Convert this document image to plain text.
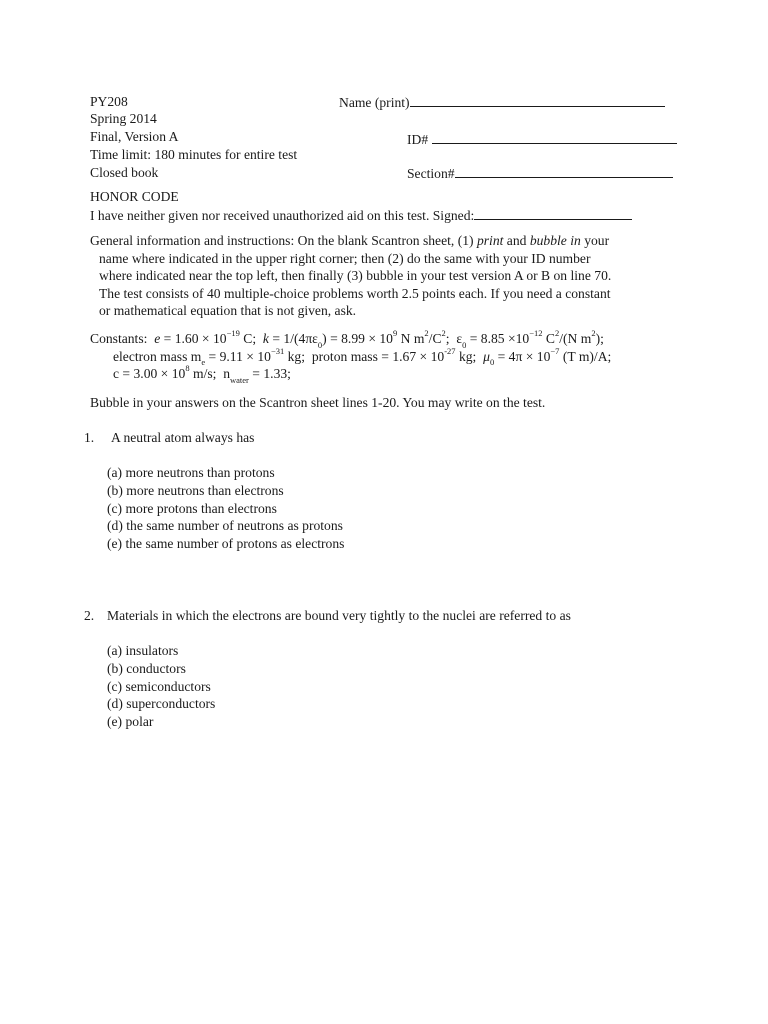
PY208
Spring 2014
Final, Version A
Time limit: 180 minutes for entire test
Closed book
Name (print)
ID#
Section#
HONOR CODE
I have neither given nor received unauthorized aid on this test. Signed:
General information and instructions: On the blank Scantron sheet, (1) print and bubble in your
name where indicated in the upper right corner; then (2) do the same with your ID number
where indicated near the top left, then finally (3) bubble in your test version A or B on line 70.
The test consists of 40 multiple-choice problems worth 2.5 points each. If you need a constant
or mathematical equation that is not given, ask.
Constants: $e = 1.60 \times 10^{-19}$ C; $k = 1/(4\pi\varepsilon_0) = 8.99 \times 10^9$ N $m^2/C^2$; $\varepsilon_0 = 8.85 \times 10^{-12}$ $C^2/(N$ $m^2$);
electron mass $m_e = 9.11 \times 10^{-31}$ kg; proton mass = $1.67 \times 10^{-27}$ kg; $\mu_0 = 4\pi \times 10^{-7}$ (T m)/A;
$c = 3.00 \times 10^8$ m/s; $n_{water} = 1.33$;
Bubble in your answers on the Scantron sheet lines 1-20. You may write on the test.
1. A neutral atom always has
(a) more neutrons than protons
(b) more neutrons than electrons
(c) more protons than electrons
(d) the same number of neutrons as protons
(e) the same number of protons as electrons
2. Materials in which the electrons are bound very tightly to the nuclei are referred to as
(a) insulators
(b) conductors
(c) semiconductors
(d) superconductors
(e) polar
